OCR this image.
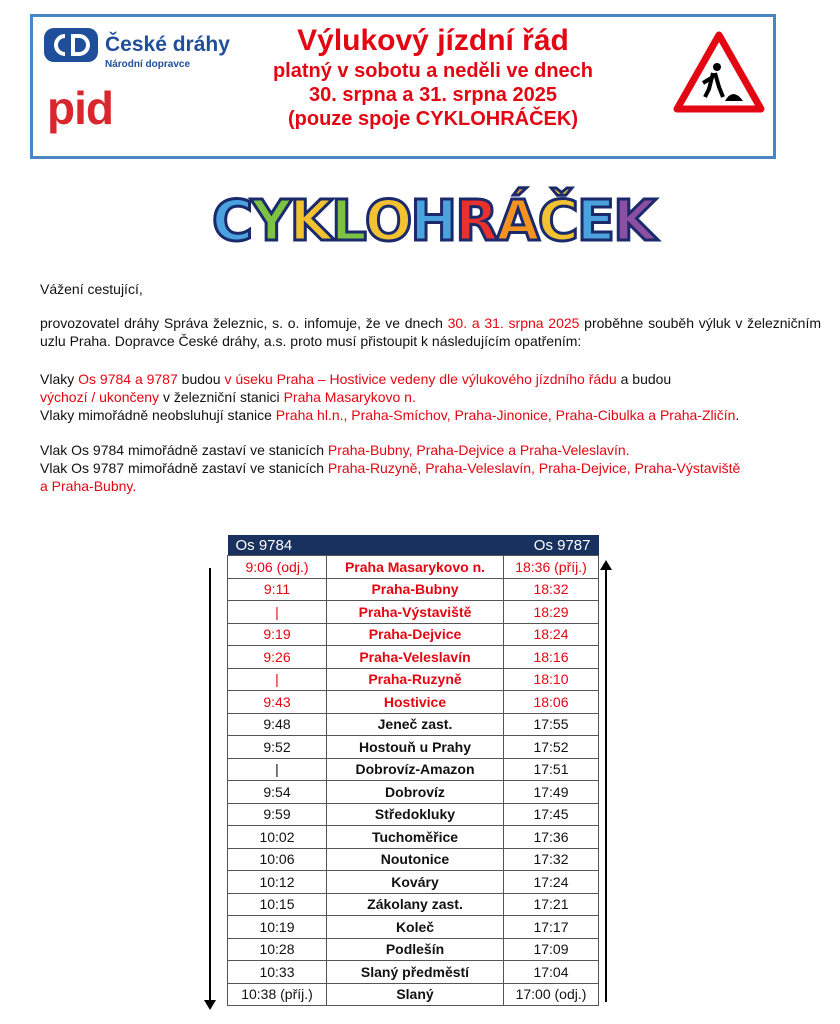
České dráhy
Národní dopravce
pid
Výlukový jízdní řád
platný v sobotu a neděli ve dnech
30. srpna a 31. srpna 2025
(pouze spoje CYKLOHRÁČEK)
C
Y
K
L
O
H
R
Á
Č
E
K
Vážení cestující,
provozovatel dráhy Správa železnic, s. o. infomuje, že ve dnech 30. a 31. srpna 2025 proběhne souběh výluk v železničním uzlu Praha. Dopravce České dráhy, a.s. proto musí přistoupit k následujícím opatřením:
Vlaky Os 9784 a 9787 budou v úseku Praha – Hostivice vedeny dle výlukového jízdního řádu a budou
výchozí / ukončeny v železniční stanici Praha Masarykovo n.
Vlaky mimořádně neobsluhují stanice Praha hl.n., Praha-Smíchov, Praha-Jinonice, Praha-Cibulka a Praha-Zličín.
Vlak Os 9784 mimořádně zastaví ve stanicích Praha-Bubny, Praha-Dejvice a Praha-Veleslavín.
Vlak Os 9787 mimořádně zastaví ve stanicích Praha-Ruzyně, Praha-Veleslavín, Praha-Dejvice, Praha-Výstaviště
a Praha-Bubny.
Os 9784		Os 9787
9:06 (odj.)	Praha Masarykovo n.	18:36 (příj.)
9:11	Praha-Bubny	18:32
|	Praha-Výstaviště	18:29
9:19	Praha-Dejvice	18:24
9:26	Praha-Veleslavín	18:16
|	Praha-Ruzyně	18:10
9:43	Hostivice	18:06
9:48	Jeneč zast.	17:55
9:52	Hostouň u Prahy	17:52
|	Dobrovíz-Amazon	17:51
9:54	Dobrovíz	17:49
9:59	Středokluky	17:45
10:02	Tuchoměřice	17:36
10:06	Noutonice	17:32
10:12	Kováry	17:24
10:15	Zákolany zast.	17:21
10:19	Koleč	17:17
10:28	Podlešín	17:09
10:33	Slaný předměstí	17:04
10:38 (příj.)	Slaný	17:00 (odj.)
